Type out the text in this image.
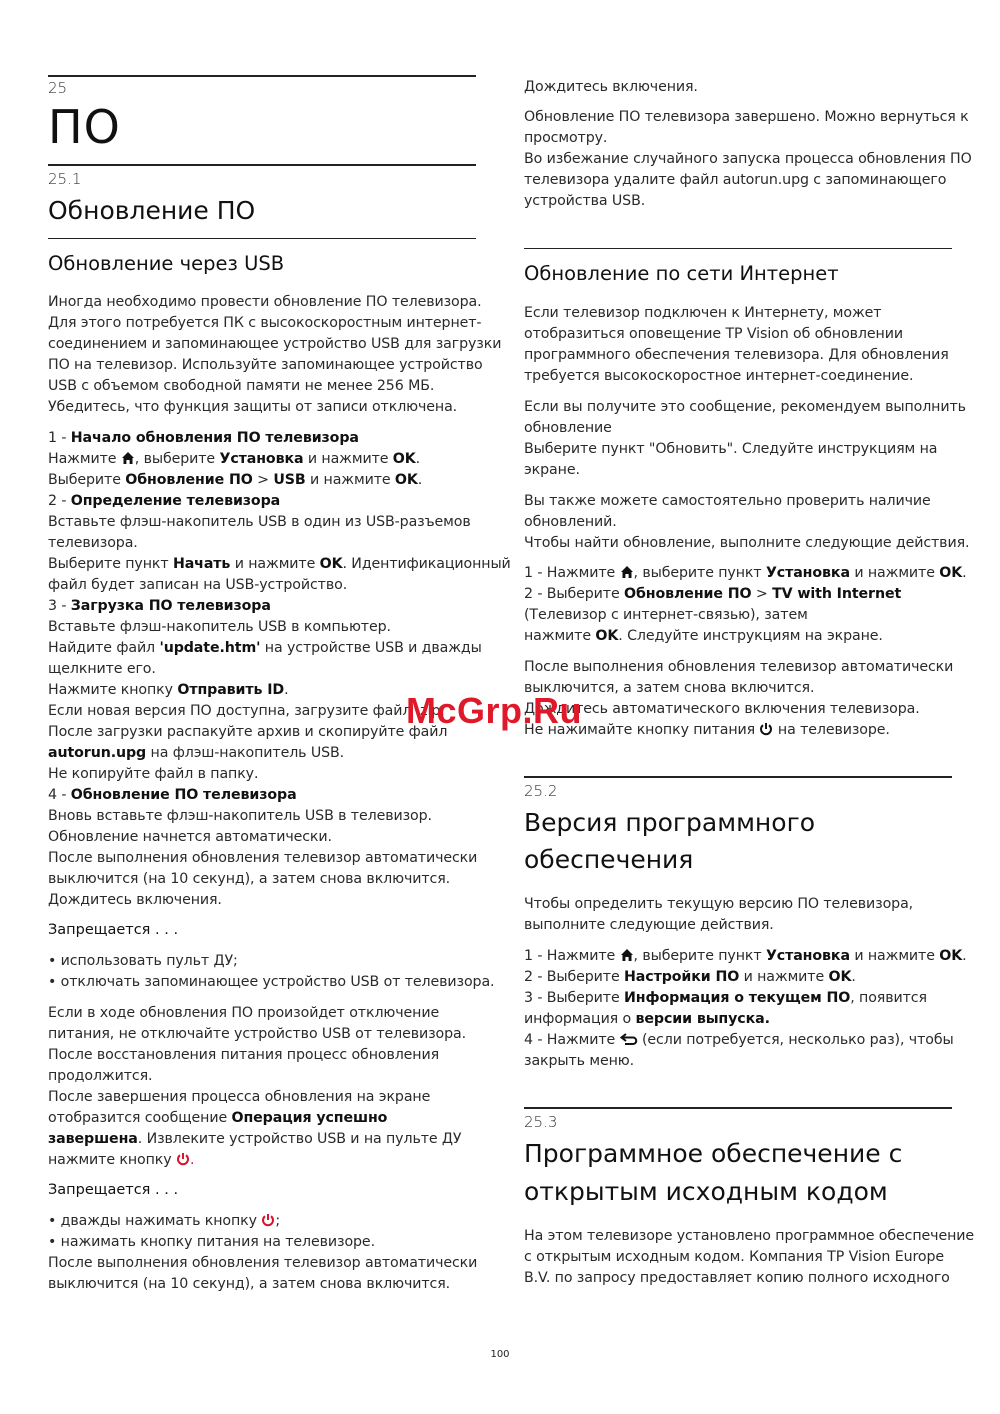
25
ПО
25.1
Обновление ПО
Обновление через USB
Иногда необходимо провести обновление ПО телевизора.
Для этого потребуется ПК с высокоскоростным интернет-
соединением и запоминающее устройство USB для загрузки
ПО на телевизор. Используйте запоминающее устройство
USB с объемом свободной памяти не менее 256 МБ.
Убедитесь, что функция защиты от записи отключена.
1 - Начало обновления ПО телевизора
Нажмите , выберите Установка и нажмите OK.
Выберите Обновление ПО > USB и нажмите OK.
2 - Определение телевизора
Вставьте флэш-накопитель USB в один из USB-разъемов
телевизора.
Выберите пункт Начать и нажмите OK. Идентификационный
файл будет записан на USB-устройство.
3 - Загрузка ПО телевизора
Вставьте флэш-накопитель USB в компьютер.
Найдите файл 'update.htm' на устройстве USB и дважды
щелкните его.
Нажмите кнопку Отправить ID.
Если новая версия ПО доступна, загрузите файл .zip.
После загрузки распакуйте архив и скопируйте файл
autorun.upg на флэш-накопитель USB.
Не копируйте файл в папку.
4 - Обновление ПО телевизора
Вновь вставьте флэш-накопитель USB в телевизор.
Обновление начнется автоматически.
После выполнения обновления телевизор автоматически
выключится (на 10 секунд), а затем снова включится.
Дождитесь включения.
Запрещается . . .
• использовать пульт ДУ;
• отключать запоминающее устройство USB от телевизора.
Если в ходе обновления ПО произойдет отключение
питания, не отключайте устройство USB от телевизора.
После восстановления питания процесс обновления
продолжится.
После завершения процесса обновления на экране
отобразится сообщение Операция успешно
завершена. Извлеките устройство USB и на пульте ДУ
нажмите кнопку .
Запрещается . . .
• дважды нажимать кнопку ;
• нажимать кнопку питания на телевизоре.
После выполнения обновления телевизор автоматически
выключится (на 10 секунд), а затем снова включится.
Дождитесь включения.
Обновление ПО телевизора завершено. Можно вернуться к
просмотру.
Во избежание случайного запуска процесса обновления ПО
телевизора удалите файл autorun.upg с запоминающего
устройства USB.
Обновление по сети Интернет
Если телевизор подключен к Интернету, может
отобразиться оповещение TP Vision об обновлении
программного обеспечения телевизора. Для обновления
требуется высокоскоростное интернет-соединение.
Если вы получите это сообщение, рекомендуем выполнить
обновление
Выберите пункт "Обновить". Следуйте инструкциям на
экране.
Вы также можете самостоятельно проверить наличие
обновлений.
Чтобы найти обновление, выполните следующие действия.
1 - Нажмите , выберите пункт Установка и нажмите OK.
2 - Выберите Обновление ПО > TV with Internet
(Телевизор с интернет-связью), затем
нажмите OK. Следуйте инструкциям на экране.
После выполнения обновления телевизор автоматически
выключится, а затем снова включится.
Дождитесь автоматического включения телевизора.
Не нажимайте кнопку питания  на телевизоре.
25.2
Версия программного
обеспечения
Чтобы определить текущую версию ПО телевизора,
выполните следующие действия.
1 - Нажмите , выберите пункт Установка и нажмите OK.
2 - Выберите Настройки ПО и нажмите OK.
3 - Выберите Информация о текущем ПО, появится
информация о версии выпуска.
4 - Нажмите  (если потребуется, несколько раз), чтобы
закрыть меню.
25.3
Программное обеспечение с
открытым исходным кодом
На этом телевизоре установлено программное обеспечение
с открытым исходным кодом. Компания TP Vision Europe
B.V. по запросу предоставляет копию полного исходного
McGrp.Ru
100
